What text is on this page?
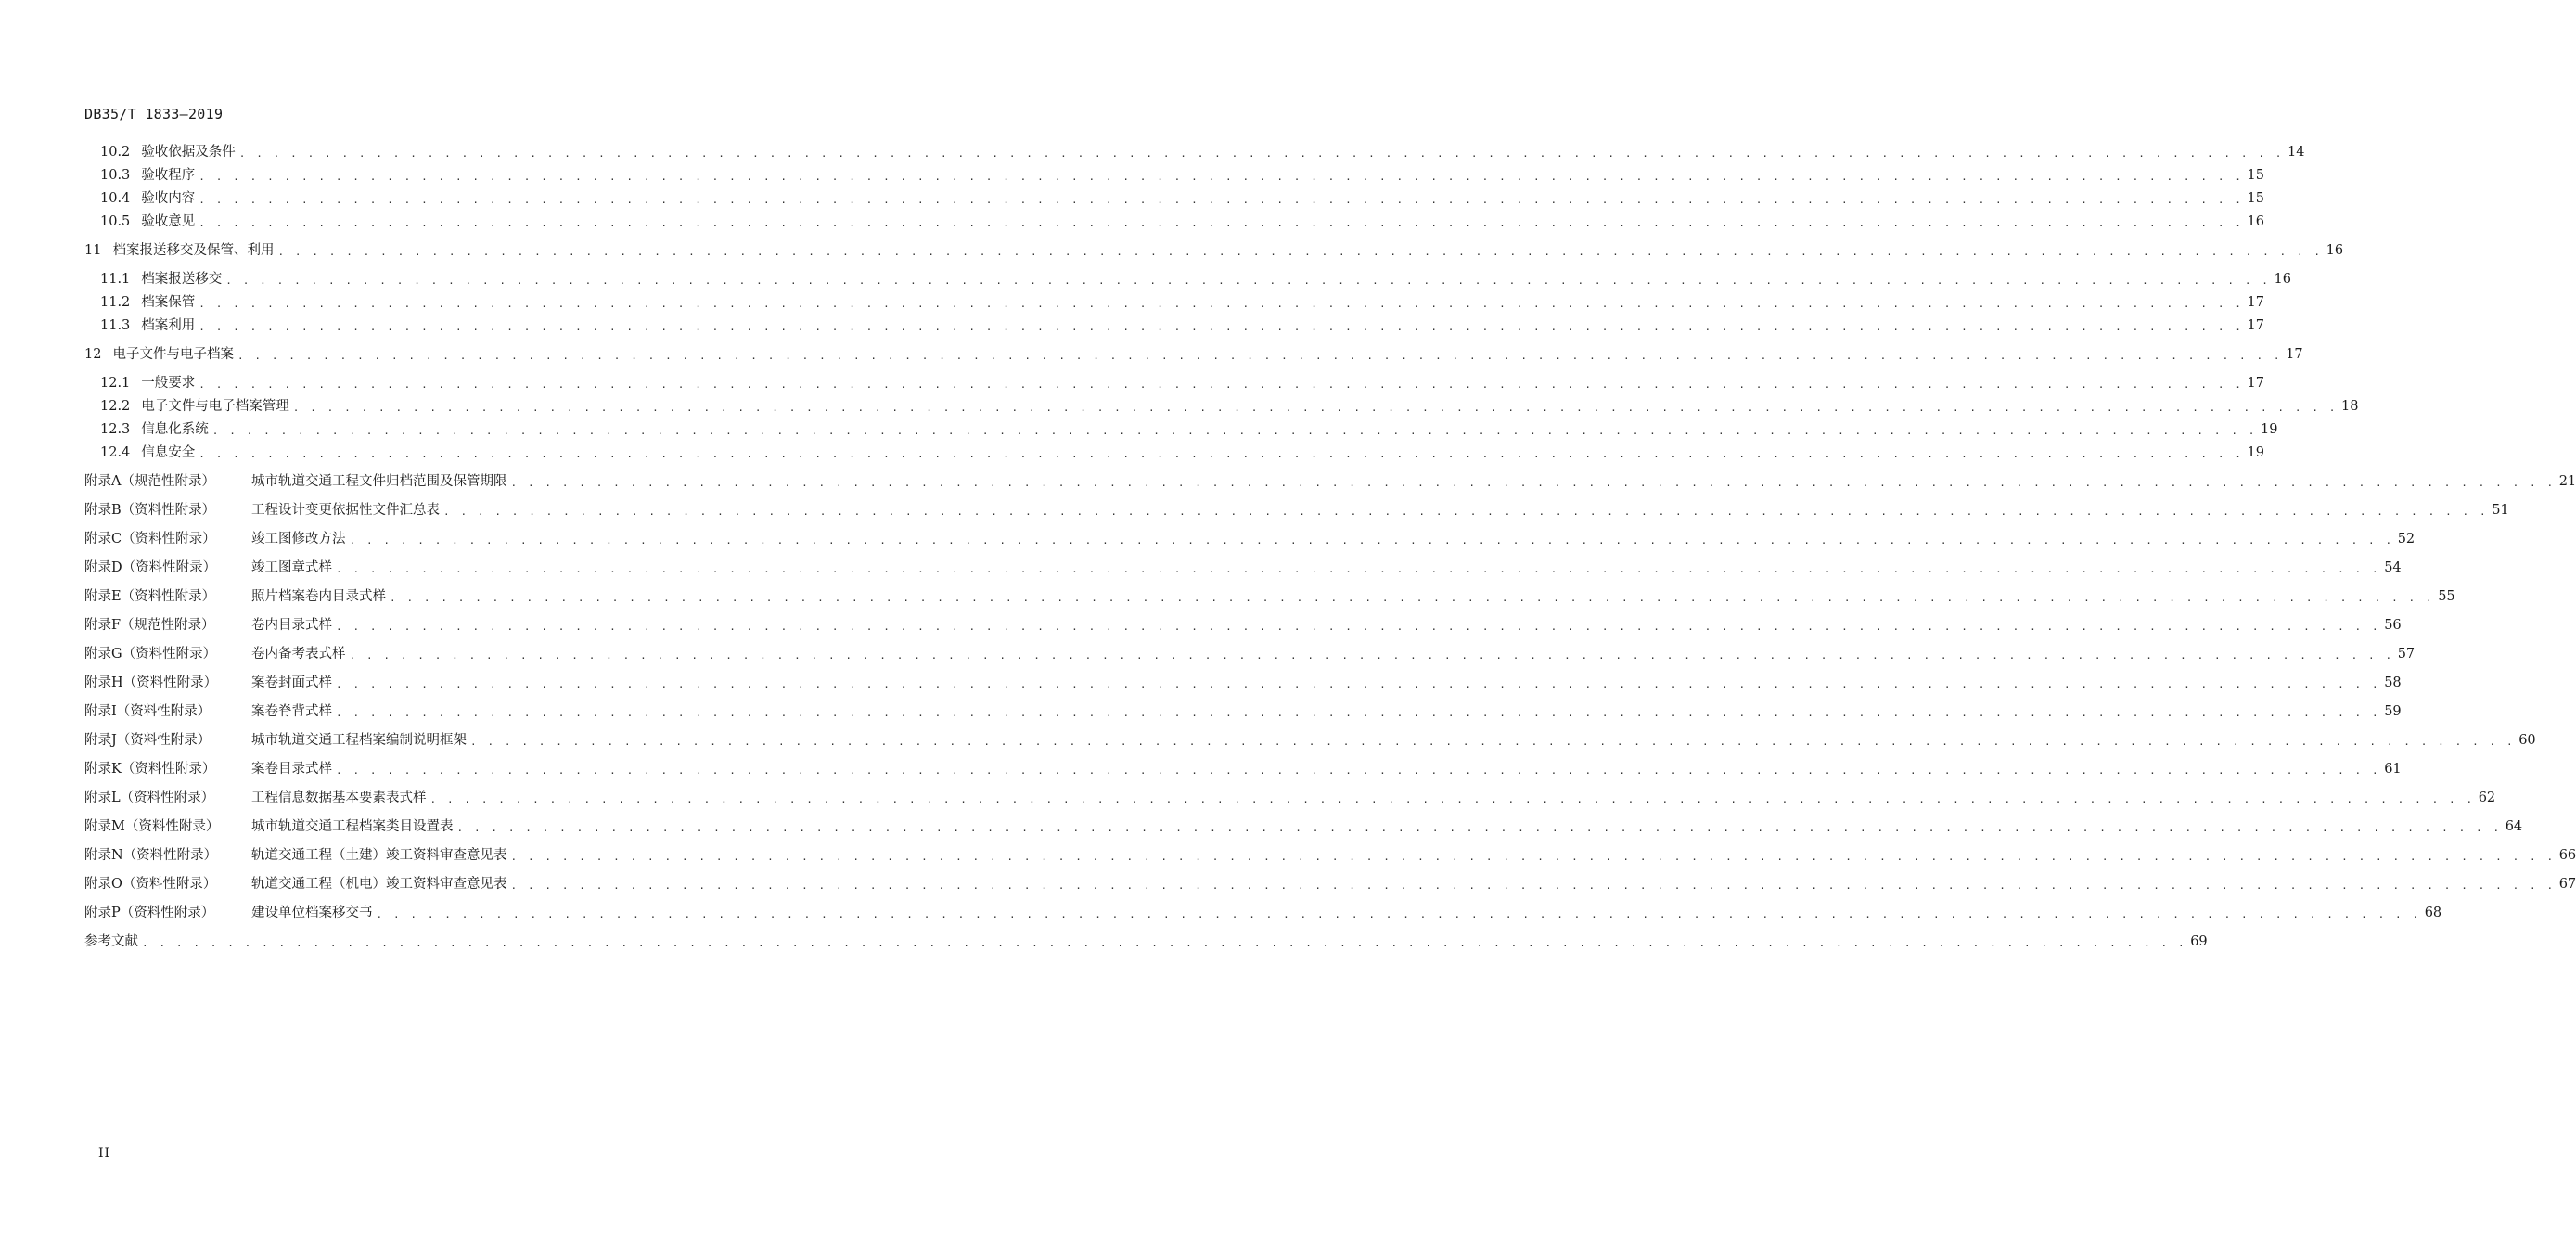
DB35/T 1833—2019
10.2 验收依据及条件 . . . . . . . . . . . . . . . . . . . . . . . . . . . . . . . . . . . . . . . . . . . . . . . . . . . . . . . . . . . . . . . . . . . . . . . . . . . . . . . . . . . . . . . . . . . . . . . . . . . . . . . . . . . . . . . . . . . . . . . . 14
10.3 验收程序 . . . . . . . . . . . . . . . . . . . . . . . . . . . . . . . . . . . . . . . . . . . . . . . . . . . . . . . . . . . . . . . . . . . . . . . . . . . . . . . . . . . . . . . . . . . . . . . . . . . . . . . . . . . . . . . . . . . . . . . . 15
10.4 验收内容 . . . . . . . . . . . . . . . . . . . . . . . . . . . . . . . . . . . . . . . . . . . . . . . . . . . . . . . . . . . . . . . . . . . . . . . . . . . . . . . . . . . . . . . . . . . . . . . . . . . . . . . . . . . . . . . . . . . . . . . . 15
10.5 验收意见 . . . . . . . . . . . . . . . . . . . . . . . . . . . . . . . . . . . . . . . . . . . . . . . . . . . . . . . . . . . . . . . . . . . . . . . . . . . . . . . . . . . . . . . . . . . . . . . . . . . . . . . . . . . . . . . . . . . . . . . . 16
11 档案报送移交及保管、利用 . . . . . . . . . . . . . . . . . . . . . . . . . . . . . . . . . . . . . . . . . . . . . . . . . . . . . . . . . . . . . . . . . . . . . . . . . . . . . . . . . . . . . . . . . . . . . . . . . . . . . . . . . . . . . . . . . . . . . . . . 16
11.1 档案报送移交 . . . . . . . . . . . . . . . . . . . . . . . . . . . . . . . . . . . . . . . . . . . . . . . . . . . . . . . . . . . . . . . . . . . . . . . . . . . . . . . . . . . . . . . . . . . . . . . . . . . . . . . . . . . . . . . . . . . . . . . . 16
11.2 档案保管 . . . . . . . . . . . . . . . . . . . . . . . . . . . . . . . . . . . . . . . . . . . . . . . . . . . . . . . . . . . . . . . . . . . . . . . . . . . . . . . . . . . . . . . . . . . . . . . . . . . . . . . . . . . . . . . . . . . . . . . . 17
11.3 档案利用 . . . . . . . . . . . . . . . . . . . . . . . . . . . . . . . . . . . . . . . . . . . . . . . . . . . . . . . . . . . . . . . . . . . . . . . . . . . . . . . . . . . . . . . . . . . . . . . . . . . . . . . . . . . . . . . . . . . . . . . . 17
12 电子文件与电子档案 . . . . . . . . . . . . . . . . . . . . . . . . . . . . . . . . . . . . . . . . . . . . . . . . . . . . . . . . . . . . . . . . . . . . . . . . . . . . . . . . . . . . . . . . . . . . . . . . . . . . . . . . . . . . . . . . . . . . . . . . 17
12.1 一般要求 . . . . . . . . . . . . . . . . . . . . . . . . . . . . . . . . . . . . . . . . . . . . . . . . . . . . . . . . . . . . . . . . . . . . . . . . . . . . . . . . . . . . . . . . . . . . . . . . . . . . . . . . . . . . . . . . . . . . . . . . 17
12.2 电子文件与电子档案管理 . . . . . . . . . . . . . . . . . . . . . . . . . . . . . . . . . . . . . . . . . . . . . . . . . . . . . . . . . . . . . . . . . . . . . . . . . . . . . . . . . . . . . . . . . . . . . . . . . . . . . . . . . . . . . . . . . . . . . . . . 18
12.3 信息化系统 . . . . . . . . . . . . . . . . . . . . . . . . . . . . . . . . . . . . . . . . . . . . . . . . . . . . . . . . . . . . . . . . . . . . . . . . . . . . . . . . . . . . . . . . . . . . . . . . . . . . . . . . . . . . . . . . . . . . . . . . 19
12.4 信息安全 . . . . . . . . . . . . . . . . . . . . . . . . . . . . . . . . . . . . . . . . . . . . . . . . . . . . . . . . . . . . . . . . . . . . . . . . . . . . . . . . . . . . . . . . . . . . . . . . . . . . . . . . . . . . . . . . . . . . . . . . 19
附录A（规范性附录）	城市轨道交通工程文件归档范围及保管期限 . . . . . . . . . . . . . . . . . . . . . . . . . . . . . . . . . . . . . . . . . . . . . . . . . . . . . . . . . . . . . . . . . . . . . . . . . . . . . . . . . . . . . . . . . . . . . . . . . . . . . . . . . . . . . . . . . . . . . . . . 21
附录B（资料性附录）	工程设计变更依据性文件汇总表 . . . . . . . . . . . . . . . . . . . . . . . . . . . . . . . . . . . . . . . . . . . . . . . . . . . . . . . . . . . . . . . . . . . . . . . . . . . . . . . . . . . . . . . . . . . . . . . . . . . . . . . . . . . . . . . . . . . . . . . . 51
附录C（资料性附录）	竣工图修改方法 . . . . . . . . . . . . . . . . . . . . . . . . . . . . . . . . . . . . . . . . . . . . . . . . . . . . . . . . . . . . . . . . . . . . . . . . . . . . . . . . . . . . . . . . . . . . . . . . . . . . . . . . . . . . . . . . . . . . . . . . 52
附录D（资料性附录）	竣工图章式样 . . . . . . . . . . . . . . . . . . . . . . . . . . . . . . . . . . . . . . . . . . . . . . . . . . . . . . . . . . . . . . . . . . . . . . . . . . . . . . . . . . . . . . . . . . . . . . . . . . . . . . . . . . . . . . . . . . . . . . . . 54
附录E（资料性附录）	照片档案卷内目录式样 . . . . . . . . . . . . . . . . . . . . . . . . . . . . . . . . . . . . . . . . . . . . . . . . . . . . . . . . . . . . . . . . . . . . . . . . . . . . . . . . . . . . . . . . . . . . . . . . . . . . . . . . . . . . . . . . . . . . . . . . 55
附录F（规范性附录）	卷内目录式样 . . . . . . . . . . . . . . . . . . . . . . . . . . . . . . . . . . . . . . . . . . . . . . . . . . . . . . . . . . . . . . . . . . . . . . . . . . . . . . . . . . . . . . . . . . . . . . . . . . . . . . . . . . . . . . . . . . . . . . . . 56
附录G（资料性附录）	卷内备考表式样 . . . . . . . . . . . . . . . . . . . . . . . . . . . . . . . . . . . . . . . . . . . . . . . . . . . . . . . . . . . . . . . . . . . . . . . . . . . . . . . . . . . . . . . . . . . . . . . . . . . . . . . . . . . . . . . . . . . . . . . . 57
附录H（资料性附录）	案卷封面式样 . . . . . . . . . . . . . . . . . . . . . . . . . . . . . . . . . . . . . . . . . . . . . . . . . . . . . . . . . . . . . . . . . . . . . . . . . . . . . . . . . . . . . . . . . . . . . . . . . . . . . . . . . . . . . . . . . . . . . . . . 58
附录I（资料性附录）	案卷脊背式样 . . . . . . . . . . . . . . . . . . . . . . . . . . . . . . . . . . . . . . . . . . . . . . . . . . . . . . . . . . . . . . . . . . . . . . . . . . . . . . . . . . . . . . . . . . . . . . . . . . . . . . . . . . . . . . . . . . . . . . . . 59
附录J（资料性附录）	城市轨道交通工程档案编制说明框架 . . . . . . . . . . . . . . . . . . . . . . . . . . . . . . . . . . . . . . . . . . . . . . . . . . . . . . . . . . . . . . . . . . . . . . . . . . . . . . . . . . . . . . . . . . . . . . . . . . . . . . . . . . . . . . . . . . . . . . . . 60
附录K（资料性附录）	案卷目录式样 . . . . . . . . . . . . . . . . . . . . . . . . . . . . . . . . . . . . . . . . . . . . . . . . . . . . . . . . . . . . . . . . . . . . . . . . . . . . . . . . . . . . . . . . . . . . . . . . . . . . . . . . . . . . . . . . . . . . . . . . 61
附录L（资料性附录）	工程信息数据基本要素表式样 . . . . . . . . . . . . . . . . . . . . . . . . . . . . . . . . . . . . . . . . . . . . . . . . . . . . . . . . . . . . . . . . . . . . . . . . . . . . . . . . . . . . . . . . . . . . . . . . . . . . . . . . . . . . . . . . . . . . . . . . 62
附录M（资料性附录）	城市轨道交通工程档案类目设置表 . . . . . . . . . . . . . . . . . . . . . . . . . . . . . . . . . . . . . . . . . . . . . . . . . . . . . . . . . . . . . . . . . . . . . . . . . . . . . . . . . . . . . . . . . . . . . . . . . . . . . . . . . . . . . . . . . . . . . . . . 64
附录N（资料性附录）	轨道交通工程（土建）竣工资料审查意见表 . . . . . . . . . . . . . . . . . . . . . . . . . . . . . . . . . . . . . . . . . . . . . . . . . . . . . . . . . . . . . . . . . . . . . . . . . . . . . . . . . . . . . . . . . . . . . . . . . . . . . . . . . . . . . . . . . . . . . . . . 66
附录O（资料性附录）	轨道交通工程（机电）竣工资料审查意见表 . . . . . . . . . . . . . . . . . . . . . . . . . . . . . . . . . . . . . . . . . . . . . . . . . . . . . . . . . . . . . . . . . . . . . . . . . . . . . . . . . . . . . . . . . . . . . . . . . . . . . . . . . . . . . . . . . . . . . . . . 67
附录P（资料性附录）	建设单位档案移交书 . . . . . . . . . . . . . . . . . . . . . . . . . . . . . . . . . . . . . . . . . . . . . . . . . . . . . . . . . . . . . . . . . . . . . . . . . . . . . . . . . . . . . . . . . . . . . . . . . . . . . . . . . . . . . . . . . . . . . . . . 68
参考文献 . . . . . . . . . . . . . . . . . . . . . . . . . . . . . . . . . . . . . . . . . . . . . . . . . . . . . . . . . . . . . . . . . . . . . . . . . . . . . . . . . . . . . . . . . . . . . . . . . . . . . . . . . . . . . . . . . . . . . . . . 69
II
